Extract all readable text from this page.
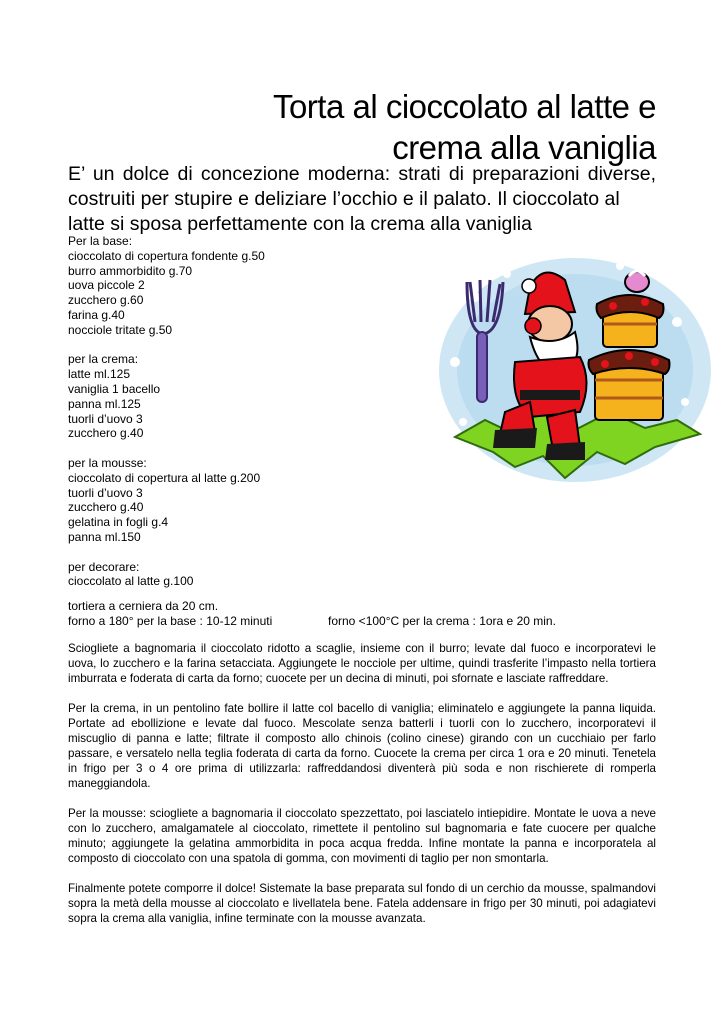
Torta al cioccolato al latte e
crema alla vaniglia

E’ un dolce di concezione moderna: strati di preparazioni diverse, costruiti per stupire e deliziare l’occhio e il palato. Il cioccolato al
latte si sposa perfettamente con la crema alla vaniglia

Per la base:
cioccolato di copertura fondente g.50
burro ammorbidito g.70
uova piccole 2
zucchero g.60
farina g.40
nocciole tritate g.50
per la crema:
latte ml.125
vaniglia 1 bacello
panna ml.125
tuorli d’uovo 3
zucchero g.40
per la mousse:
cioccolato di copertura al latte g.200
tuorli d’uovo 3
zucchero g.40
gelatina in fogli g.4
panna ml.150
per decorare:
cioccolato al latte g.100
tortiera a cerniera da 20 cm.
forno a 180° per la base : 10-12 minuti	forno <100°C per la crema : 1ora e 20 min.

Sciogliete a bagnomaria il cioccolato ridotto a scaglie, insieme con il burro; levate dal fuoco e incorporatevi le uova, lo zucchero e la farina setacciata. Aggiungete le nocciole per ultime, quindi trasferite l’impasto nella tortiera imburrata e foderata di carta da forno; cuocete per un decina di minuti, poi sfornate e lasciate raffreddare.

Per la crema, in un pentolino fate bollire il latte col bacello di vaniglia; eliminatelo e aggiungete la panna liquida. Portate ad ebollizione e levate dal fuoco. Mescolate senza batterli i tuorli con lo zucchero, incorporatevi il miscuglio di panna e latte; filtrate il composto allo chinois (colino cinese) girando con un cucchiaio per farlo passare, e versatelo nella teglia foderata di carta da forno. Cuocete la crema per circa 1 ora e 20 minuti. Tenetela in frigo per 3 o 4 ore prima di utilizzarla: raffreddandosi diventerà più soda e non rischierete di romperla maneggiandola.

Per la mousse: sciogliete a bagnomaria il cioccolato spezzettato, poi lasciatelo intiepidire. Montate le uova a neve con lo zucchero, amalgamatele al cioccolato, rimettete il pentolino sul bagnomaria e fate cuocere per qualche minuto; aggiungete la gelatina ammorbidita in poca acqua fredda. Infine montate la panna e incorporatela al composto di cioccolato con una spatola di gomma, con movimenti di taglio per non smontarla.

Finalmente potete comporre il dolce! Sistemate la base preparata sul fondo di un cerchio da mousse, spalmandovi sopra la metà della mousse al cioccolato e livellatela bene. Fatela addensare in frigo per 30 minuti, poi adagiatevi sopra la crema alla vaniglia, infine terminate con la mousse avanzata.
